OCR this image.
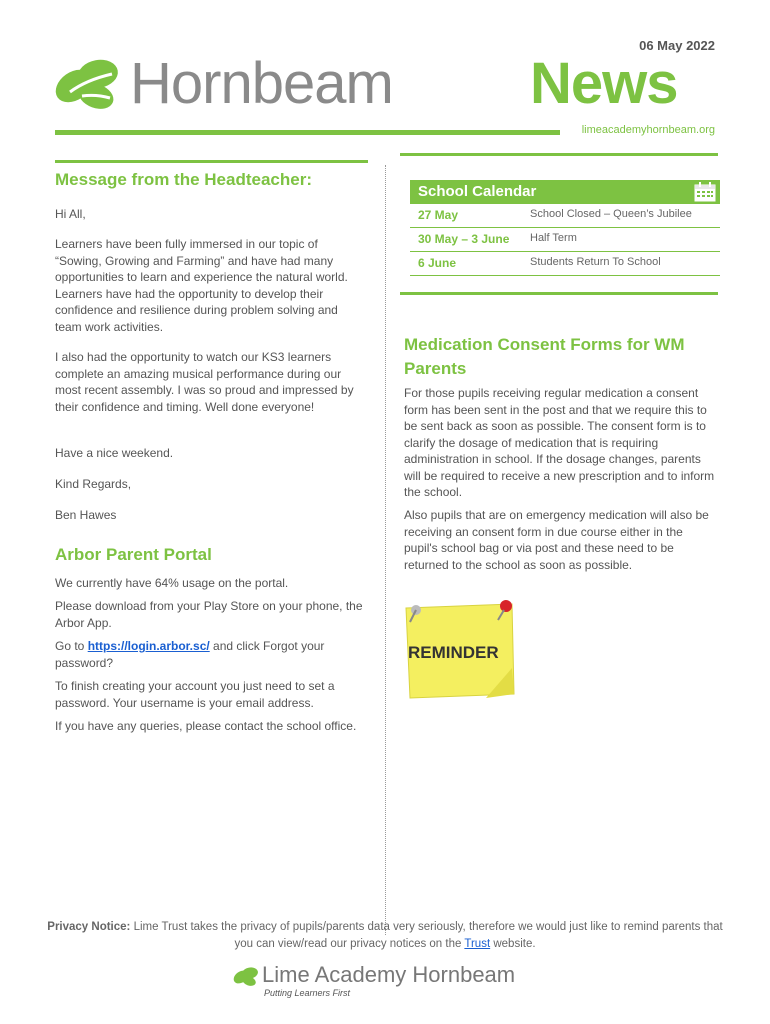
06 May 2022
Hornbeam News
limeacademyhornbeam.org
Message from the Headteacher:
Hi All,
Learners have been fully immersed in our topic of “Sowing, Growing and Farming” and have had many opportunities to learn and experience the natural world. Learners have had the opportunity to develop their confidence and resilience during problem solving and team work activities.
I also had the opportunity to watch our KS3 learners complete an amazing musical performance during our most recent assembly. I was so proud and impressed by their confidence and timing. Well done everyone!
Have a nice weekend.
Kind Regards,
Ben Hawes
Arbor Parent Portal
We currently have 64% usage on the portal.
Please download from your Play Store on your phone, the Arbor App.
Go to https://login.arbor.sc/ and click Forgot your password?
To finish creating your account you just need to set a password. Your username is your email address.
If you have any queries, please contact the school office.
School Calendar
27 May	School Closed – Queen’s Jubilee
30 May – 3 June	Half Term
6 June	Students Return To School
Medication Consent Forms for WM Parents
For those pupils receiving regular medication a consent form has been sent in the post and that we require this to be sent back as soon as possible. The consent form is to clarify the dosage of medication that is requiring administration in school. If the dosage changes, parents will be required to receive a new prescription and to inform the school.
Also pupils that are on emergency medication will also be receiving an consent form in due course either in the pupil's school bag or via post and these need to be returned to the school as soon as possible.
REMINDER
Privacy Notice: Lime Trust takes the privacy of pupils/parents data very seriously, therefore we would just like to remind parents that you can view/read our privacy notices on the Trust website.
Lime Academy Hornbeam
Putting Learners First
